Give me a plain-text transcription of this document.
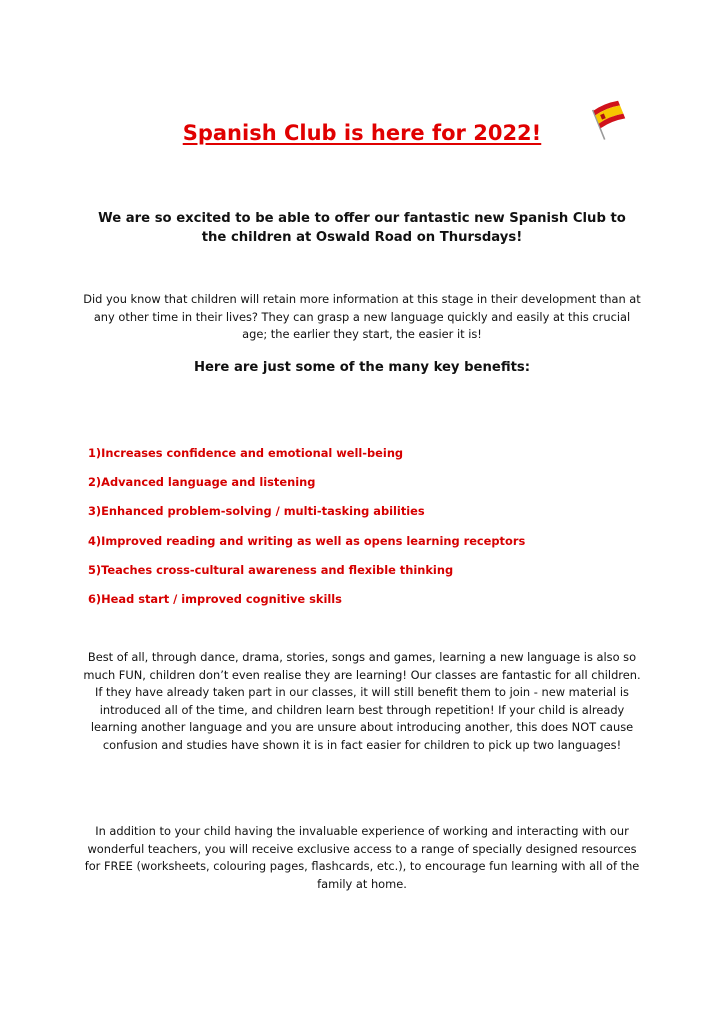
Spanish Club is here for 2022!

We are so excited to be able to offer our fantastic new Spanish Club to the children at Oswald Road on Thursdays!

Did you know that children will retain more information at this stage in their development than at any other time in their lives? They can grasp a new language quickly and easily at this crucial age; the earlier they start, the easier it is!

Here are just some of the many key benefits:
1)Increases confidence and emotional well-being
2)Advanced language and listening
3)Enhanced problem-solving / multi-tasking abilities
4)Improved reading and writing as well as opens learning receptors
5)Teaches cross-cultural awareness and flexible thinking
6)Head start / improved cognitive skills

Best of all, through dance, drama, stories, songs and games, learning a new language is also so much FUN, children don’t even realise they are learning! Our classes are fantastic for all children. If they have already taken part in our classes, it will still benefit them to join - new material is introduced all of the time, and children learn best through repetition! If your child is already learning another language and you are unsure about introducing another, this does NOT cause confusion and studies have shown it is in fact easier for children to pick up two languages!

In addition to your child having the invaluable experience of working and interacting with our wonderful teachers, you will receive exclusive access to a range of specially designed resources for FREE (worksheets, colouring pages, flashcards, etc.), to encourage fun learning with all of the family at home.
